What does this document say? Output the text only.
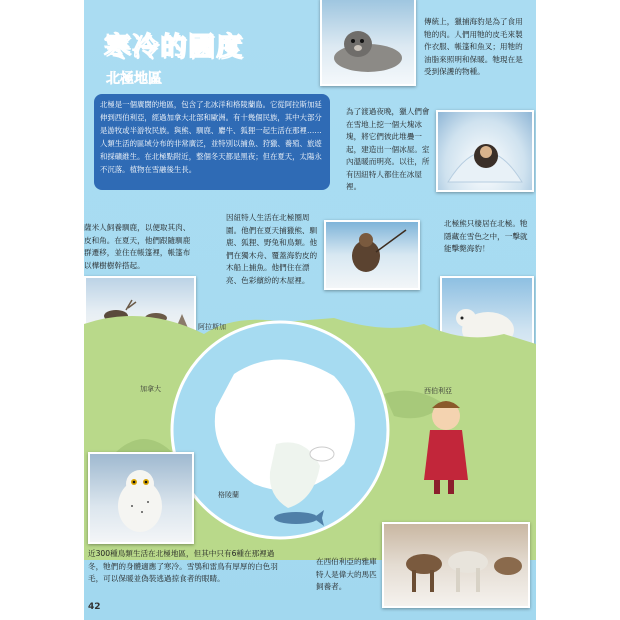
寒冷的國度
北極地區
北極是一個廣闊的地區，包含了北冰洋和格陵蘭島。它從阿拉斯加延伸到西伯利亞，經過加拿大北部和歐洲。有十幾個民族，其中大部分是游牧或半游牧民族。與熊、馴鹿、麝牛、狐狸一起生活在那裡……人類生活的區域分布的非常廣泛，並特別以捕魚、狩獵、養殖、旅遊和採礦維生。在北極點附近，整個冬天都是黑夜；但在夏天，太陽永不沉落。植物在雪融後生長。
傳統上，獵捕海豹是為了食用牠的肉。人們用牠的皮毛來製作衣服、帳篷和魚叉；用牠的油脂來照明和保暖。牠現在是受到保護的物種。
為了渡過夜晚，獵人們會在雪地上挖一個大塊冰塊，將它們彼此堆疊一起，建造出一個冰屋。室內溫暖而明亮。以往，所有因紐特人都住在冰屋裡。
薩米人飼養馴鹿，以便取其肉、皮和角。在夏天，他們跟隨馴鹿群遷移，並住在帳篷裡，帳篷布以樺樹樹幹搭起。
因紐特人生活在北極圈周圍。他們在夏天捕獵熊、馴鹿、狐狸、野兔和鳥類。他們在獨木舟、覆蓋海豹皮的木船上捕魚。他們住在漂亮、色彩繽紛的木屋裡。
北極熊只棲居在北極。牠隱藏在雪色之中，一擊就能擊斃海豹！
阿拉斯加
加拿大	西伯利亞
格陵蘭
近300種鳥類生活在北極地區，但其中只有6種在那裡過冬，牠們的身體適應了寒冷。雪鴞和雷鳥有厚厚的白色羽毛，可以保暖並偽裝逃過掠食者的眼睛。
在西伯利亞的雅庫特人是偉大的馬匹飼養者。
42
